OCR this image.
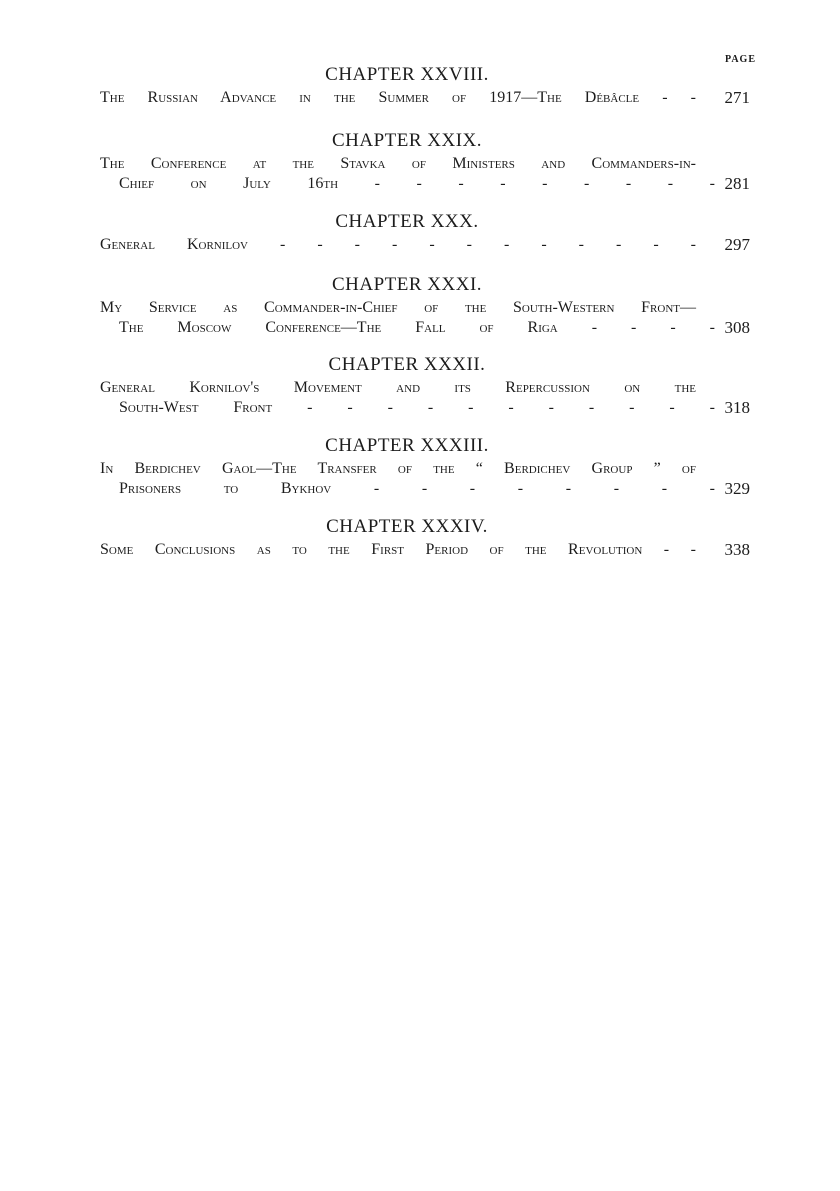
PAGE
CHAPTER XXVIII.
The Russian Advance in the Summer of 1917—The Débâcle - - 271
CHAPTER XXIX.
The Conference at the Stavka of Ministers and Commanders-in-
Chief on July 16th - - - - - - - - - 281
CHAPTER XXX.
General Kornilov - - - - - - - - - - - - 297
CHAPTER XXXI.
My Service as Commander-in-Chief of the South-Western Front—
The Moscow Conference—The Fall of Riga - - - - 308
CHAPTER XXXII.
General Kornilov's Movement and its Repercussion on the
South-West Front - - - - - - - - - - - 318
CHAPTER XXXIII.
In Berdichev Gaol—The Transfer of the “ Berdichev Group ” of
Prisoners to Bykhov - - - - - - - - 329
CHAPTER XXXIV.
Some Conclusions as to the First Period of the Revolution - - 338
